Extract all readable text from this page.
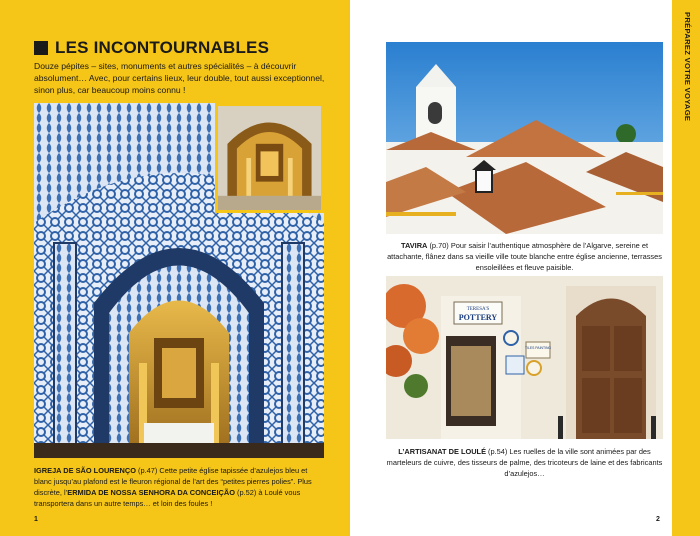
LES INCONTOURNABLES
Douze pépites – sites, monuments et autres spécialités – à découvrir absolument… Avec, pour certains lieux, leur double, tout aussi exceptionnel, sinon plus, car beaucoup moins connu !
IGREJA DE SÃO LOURENÇO (p.47) Cette petite église tapissée d’azulejos bleu et blanc jusqu’au plafond est le fleuron régional de l’art des “petites pierres polies”. Plus discrète, l’ERMIDA DE NOSSA SENHORA DA CONCEIÇÃO (p.52) à Loulé vous transportera dans un autre temps… et loin des foules !
1
TAVIRA (p.70) Pour saisir l’authentique atmosphère de l’Algarve, sereine et attachante, flânez dans sa vieille ville toute blanche entre église ancienne, terrasses ensoleillées et fleuve paisible.
TERESA'S
POTTERY
TILES PAINTING
L’ARTISANAT DE LOULÉ (p.54) Les ruelles de la ville sont animées par des marteleurs de cuivre, des tisseurs de palme, des tricoteurs de laine et des fabricants d’azulejos…
2
PRÉPAREZ VOTRE VOYAGE
